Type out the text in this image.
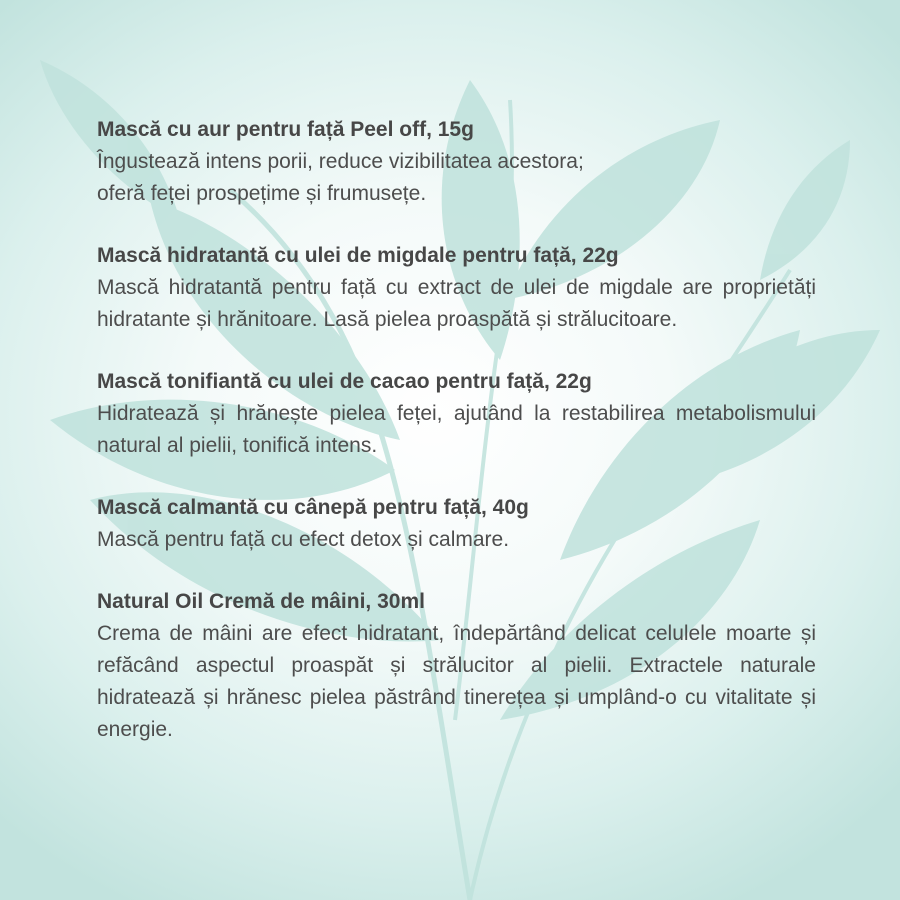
Mască cu aur pentru față Peel off, 15g

Îngustează intens porii, reduce vizibilitatea acestora;

oferă feței prospețime și frumusețe.

Mască hidratantă cu ulei de migdale pentru față, 22g

Mască hidratantă pentru față cu extract de ulei de migdale are proprietăți hidratante și hrănitoare. Lasă pielea proaspătă și strălucitoare.

Mască tonifiantă cu ulei de cacao pentru față, 22g

Hidratează și hrănește pielea feței, ajutând la restabilirea metabolismului natural al pielii, tonifică intens.

Mască calmantă cu cânepă pentru față, 40g

Mască pentru față cu efect detox și calmare.

Natural Oil Cremă de mâini, 30ml

Crema de mâini are efect hidratant, îndepărtând delicat celulele moarte și refăcând aspectul proaspăt și strălucitor al pielii. Extractele naturale hidratează și hrănesc pielea păstrând tinerețea și umplând-o cu vitalitate și energie.
